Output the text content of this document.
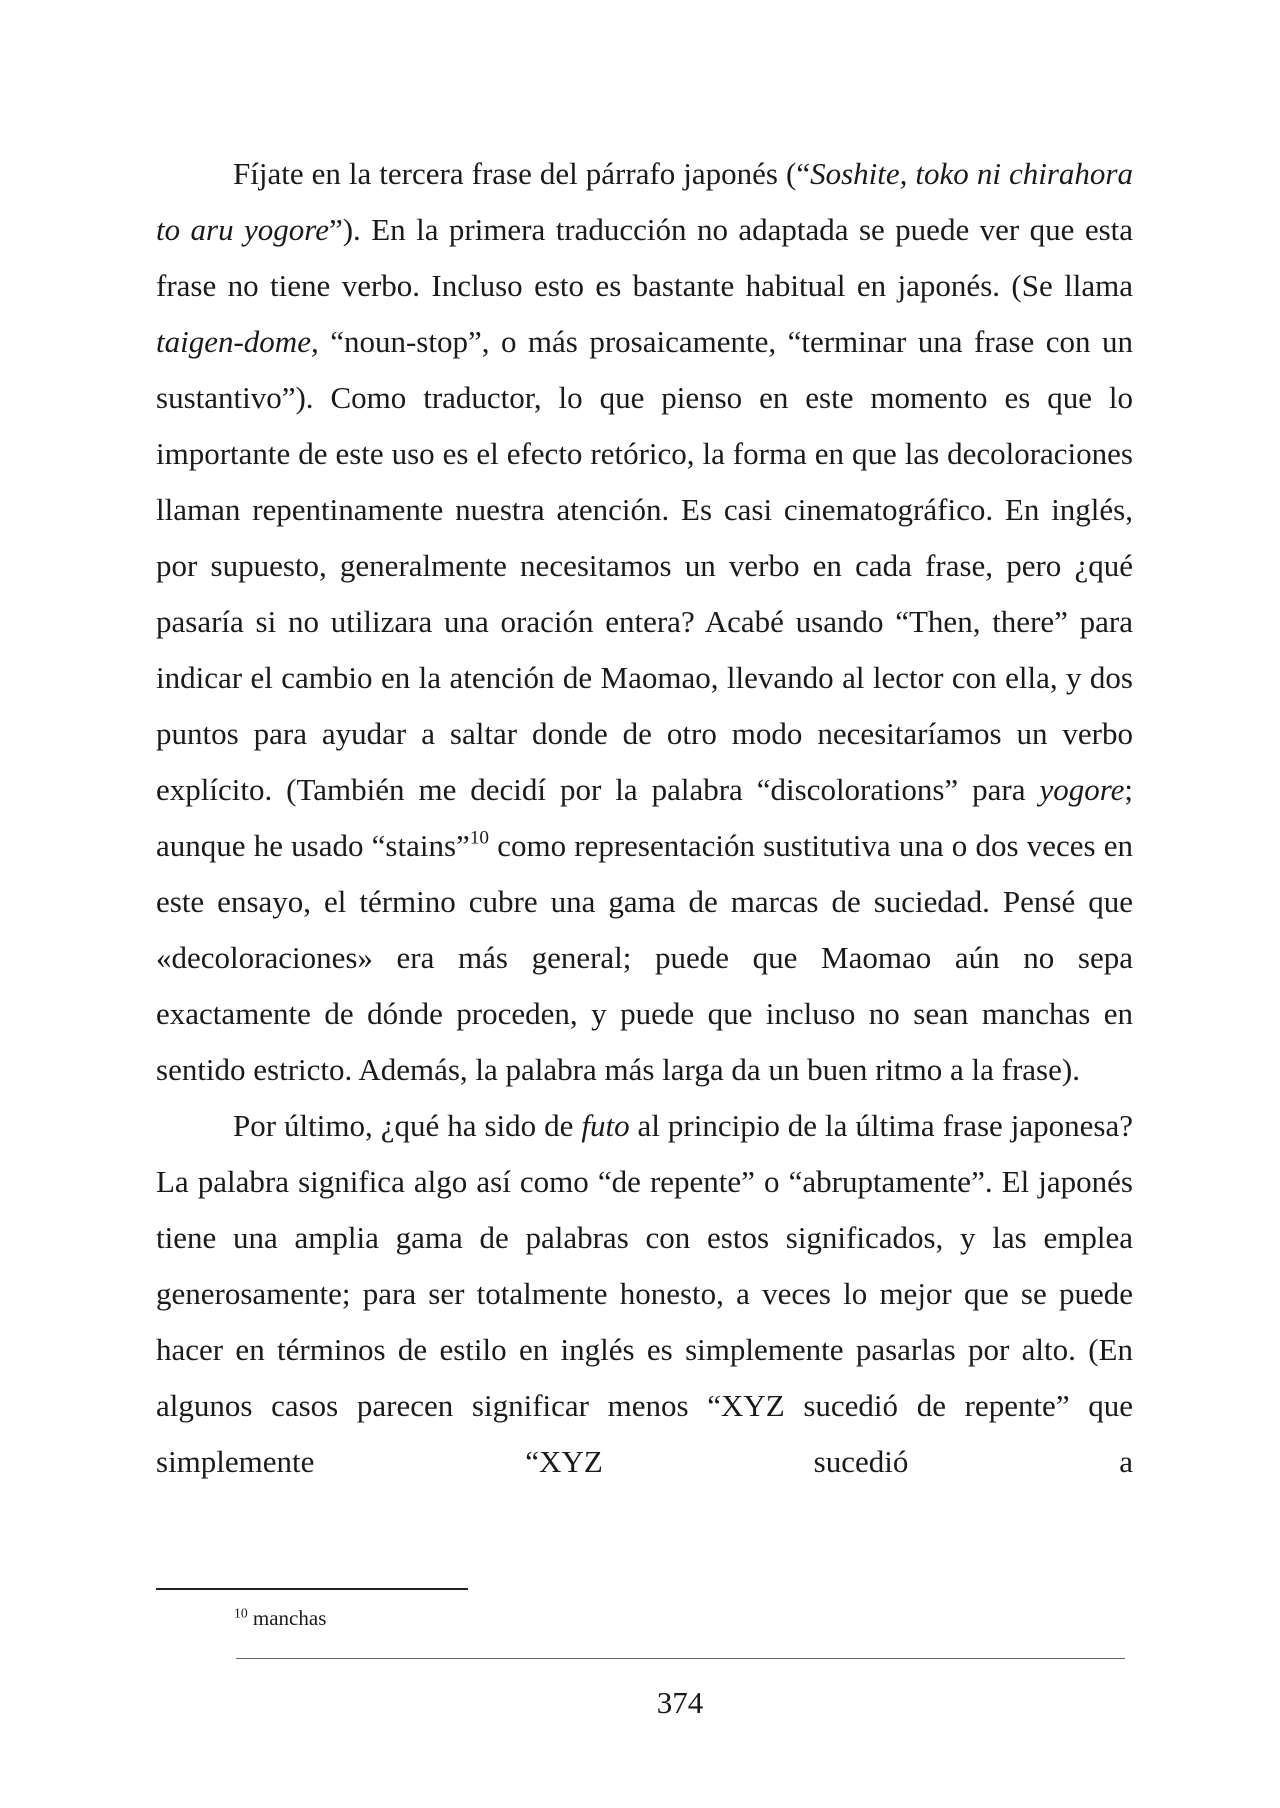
Fíjate en la tercera frase del párrafo japonés (“Soshite, toko ni chirahora to aru yogore”). En la primera traducción no adaptada se puede ver que esta frase no tiene verbo. Incluso esto es bastante habitual en japonés. (Se llama taigen-dome, “noun-stop”, o más prosaicamente, “terminar una frase con un sustantivo”). Como traductor, lo que pienso en este momento es que lo importante de este uso es el efecto retórico, la forma en que las decoloraciones llaman repentinamente nuestra atención. Es casi cinematográfico. En inglés, por supuesto, generalmente necesitamos un verbo en cada frase, pero ¿qué pasaría si no utilizara una oración entera? Acabé usando “Then, there” para indicar el cambio en la atención de Maomao, llevando al lector con ella, y dos puntos para ayudar a saltar donde de otro modo necesitaríamos un verbo explícito. (También me decidí por la palabra “discolorations” para yogore; aunque he usado “stains”$^{10}$ como representación sustitutiva una o dos veces en este ensayo, el término cubre una gama de marcas de suciedad. Pensé que «decoloraciones» era más general; puede que Maomao aún no sepa exactamente de dónde proceden, y puede que incluso no sean manchas en sentido estricto. Además, la palabra más larga da un buen ritmo a la frase).

Por último, ¿qué ha sido de futo al principio de la última frase japonesa? La palabra significa algo así como “de repente” o “abruptamente”. El japonés tiene una amplia gama de palabras con estos significados, y las emplea generosamente; para ser totalmente honesto, a veces lo mejor que se puede hacer en términos de estilo en inglés es simplemente pasarlas por alto. (En algunos casos parecen significar menos “XYZ sucedió de repente” que simplemente “XYZ sucedió a

$^{10}$ manchas
374
